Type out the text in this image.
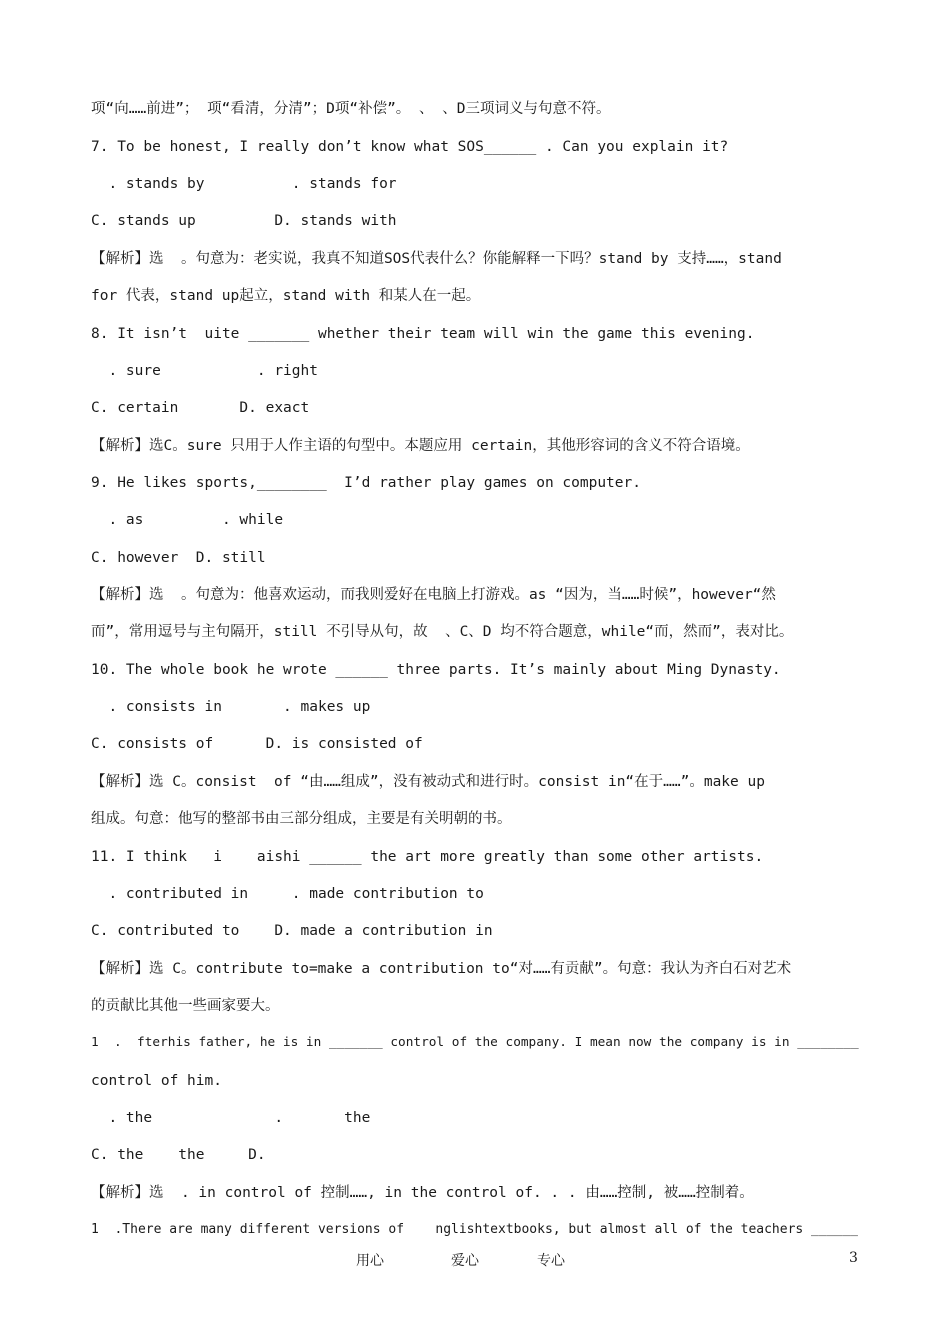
项“向……前进”； 项“看清，分清”；D项“补偿”。 、 、D三项词义与句意不符。
7. To be honest, I really don’t know what SOS______ . Can you explain it?
. stands by          . stands for
C. stands up         D. stands with
【解析】选  。句意为：老实说，我真不知道SOS代表什么？你能解释一下吗？stand by 支持……，stand
for 代表，stand up起立，stand with 和某人在一起。
8. It isn’t  uite _______ whether their team will win the game this evening.
. sure           . right
C. certain       D. exact
【解析】选C。sure 只用于人作主语的句型中。本题应用 certain，其他形容词的含义不符合语境。
9. He likes sports,________  I’d rather play games on computer.
. as         . while
C. however  D. still
【解析】选  。句意为：他喜欢运动，而我则爱好在电脑上打游戏。as “因为，当……时候”，however“然
而”，常用逗号与主句隔开，still 不引导从句，故  、C、D 均不符合题意，while“而，然而”，表对比。
10. The whole book he wrote ______ three parts. It’s mainly about Ming Dynasty.
. consists in       . makes up
C. consists of      D. is consisted of
【解析】选 C。consist  of “由……组成”，没有被动式和进行时。consist in“在于……”。make up
组成。句意：他写的整部书由三部分组成，主要是有关明朝的书。
11. I think   i    aishi ______ the art more greatly than some other artists.
. contributed in     . made contribution to
C. contributed to    D. made a contribution in
【解析】选 C。contribute to=make a contribution to“对……有贡献”。句意：我认为齐白石对艺术
的贡献比其他一些画家要大。
1  .  fterhis father, he is in _______ control of the company. I mean now the company is in ________
control of him.
. the              .       the
C. the    the     D.
【解析】选  . in control of 控制……, in the control of. . . 由……控制, 被……控制着。
1  .There are many different versions of    nglishtextbooks, but almost all of the teachers ______
用心	爱心	专心	3
